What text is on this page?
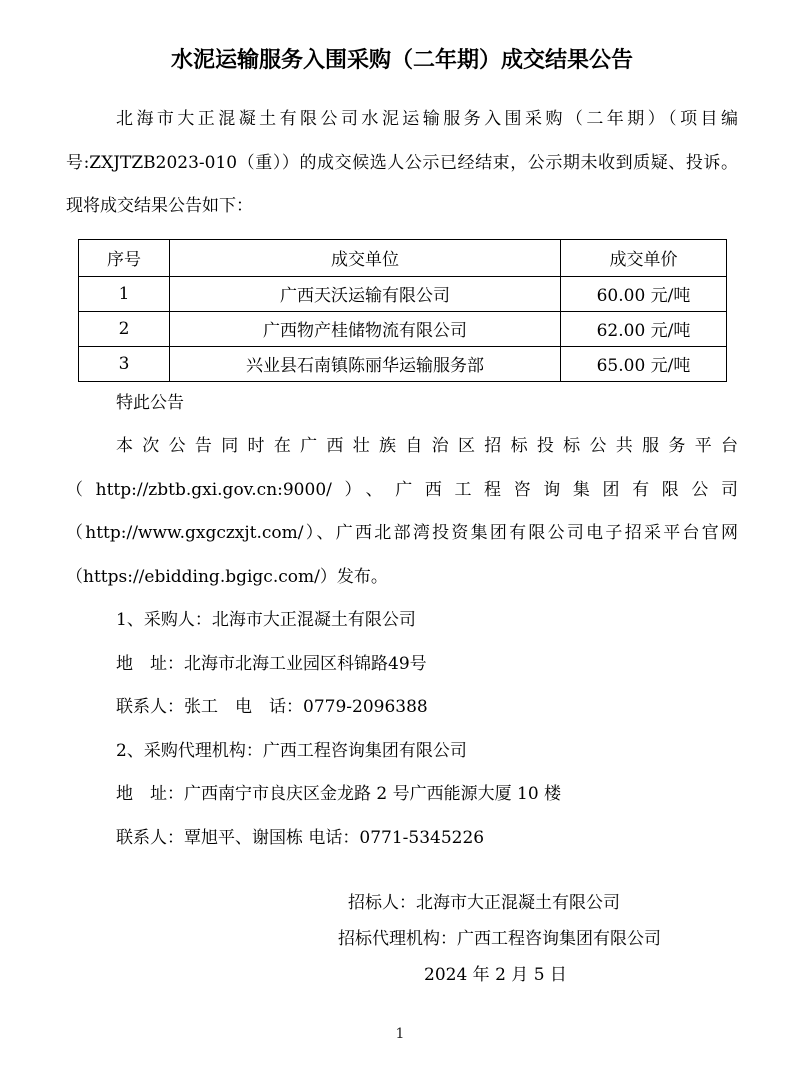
水泥运输服务入围采购（二年期）成交结果公告

北海市大正混凝土有限公司水泥运输服务入围采购（二年期）（项目编号:ZXJTZB2023-010（重））的成交候选人公示已经结束，公示期未收到质疑、投诉。现将成交结果公告如下：

序号	成交单位	成交单价
1	广西天沃运输有限公司	60.00 元/吨
2	广西物产桂储物流有限公司	62.00 元/吨
3	兴业县石南镇陈丽华运输服务部	65.00 元/吨

特此公告

本次公告同时在广西壮族自治区招标投标公共服务平台（http://zbtb.gxi.gov.cn:9000/）、广西工程咨询集团有限公司（http://www.gxgczxjt.com/）、广西北部湾投资集团有限公司电子招采平台官网（https://ebidding.bgigc.com/）发布。

1、采购人：北海市大正混凝土有限公司

地　址：北海市北海工业园区科锦路49号

联系人：张工　电　话：0779-2096388

2、采购代理机构：广西工程咨询集团有限公司

地　址：广西南宁市良庆区金龙路 2 号广西能源大厦 10 楼

联系人：覃旭平、谢国栋 电话：0771-5345226

招标人：北海市大正混凝土有限公司

招标代理机构：广西工程咨询集团有限公司

2024 年 2 月 5 日

1
